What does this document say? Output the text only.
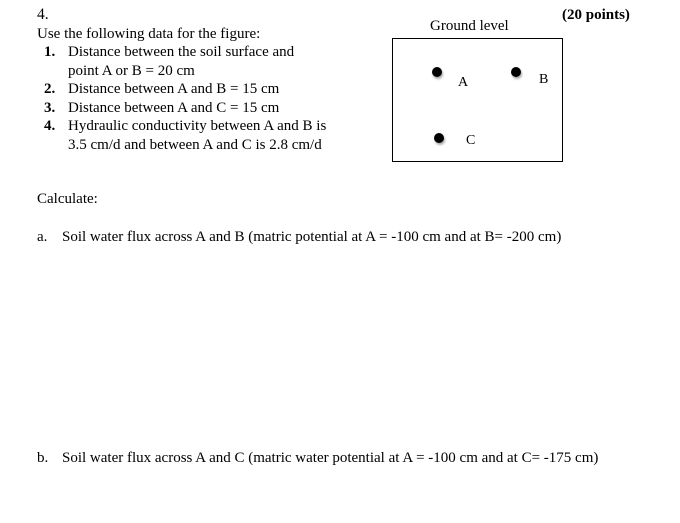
4.	(20 points)
Use the following data for the figure:
1. Distance between the soil surface and point A or B = 20 cm
2. Distance between A and B = 15 cm
3. Distance between A and C = 15 cm
4. Hydraulic conductivity between A and B is 3.5 cm/d and between A and C is 2.8 cm/d
Ground level
A	B
C
Calculate:
a. Soil water flux across A and B (matric potential at A = -100 cm and at B= -200 cm)
b. Soil water flux across A and C (matric water potential at A = -100 cm and at C= -175 cm)
